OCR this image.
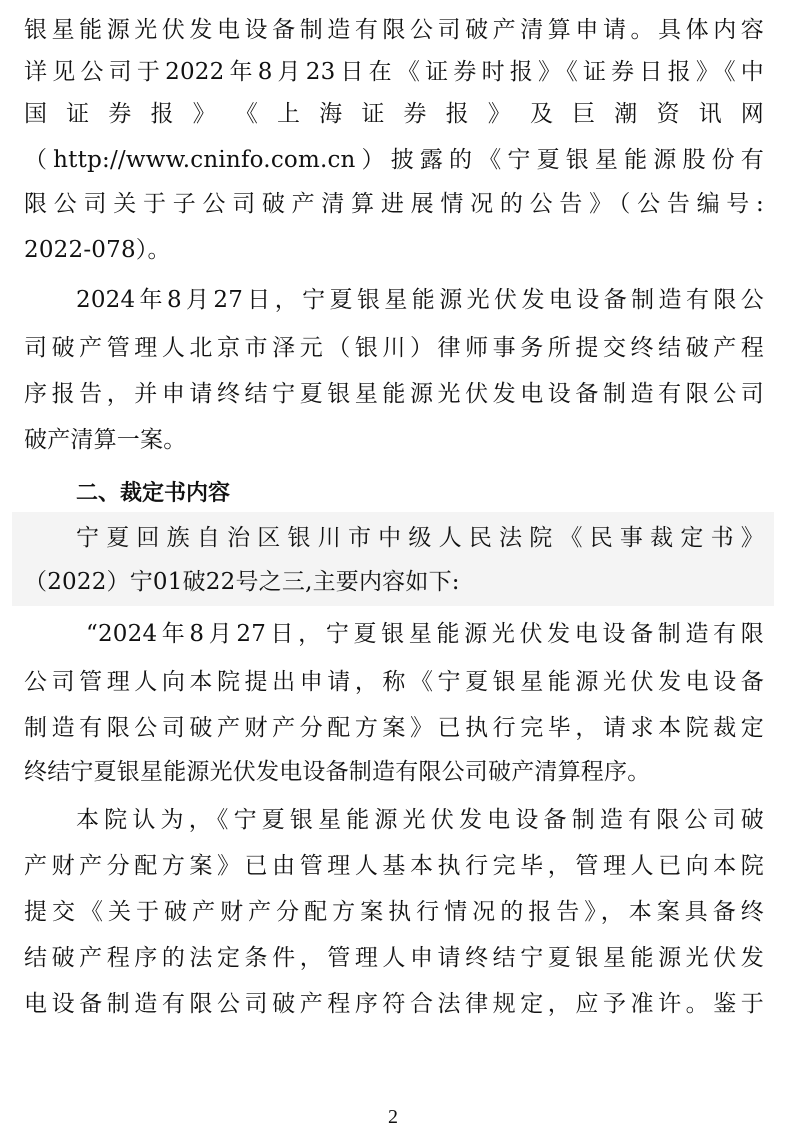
银星能源光伏发电设备制造有限公司破产清算申请。具体内容
详见公司于2022年8月23日在《证券时报》《证券日报》《中
国 证 券 报 》 《 上 海 证 券 报 》 及 巨 潮 资 讯 网
（http://www.cninfo.com.cn）披露的《宁夏银星能源股份有
限公司关于子公司破产清算进展情况的公告》（公告编号:
2022-078）。
2024年8月27日，宁夏银星能源光伏发电设备制造有限公
司破产管理人北京市泽元（银川）律师事务所提交终结破产程
序报告，并申请终结宁夏银星能源光伏发电设备制造有限公司
破产清算一案。
二、裁定书内容
宁夏回族自治区银川市中级人民法院《民事裁定书》
（2022）宁01破22号之三,主要内容如下:
“2024年8月27日，宁夏银星能源光伏发电设备制造有限
公司管理人向本院提出申请，称《宁夏银星能源光伏发电设备
制造有限公司破产财产分配方案》已执行完毕，请求本院裁定
终结宁夏银星能源光伏发电设备制造有限公司破产清算程序。
本院认为，《宁夏银星能源光伏发电设备制造有限公司破
产财产分配方案》已由管理人基本执行完毕，管理人已向本院
提交《关于破产财产分配方案执行情况的报告》，本案具备终
结破产程序的法定条件，管理人申请终结宁夏银星能源光伏发
电设备制造有限公司破产程序符合法律规定，应予准许。鉴于
2
